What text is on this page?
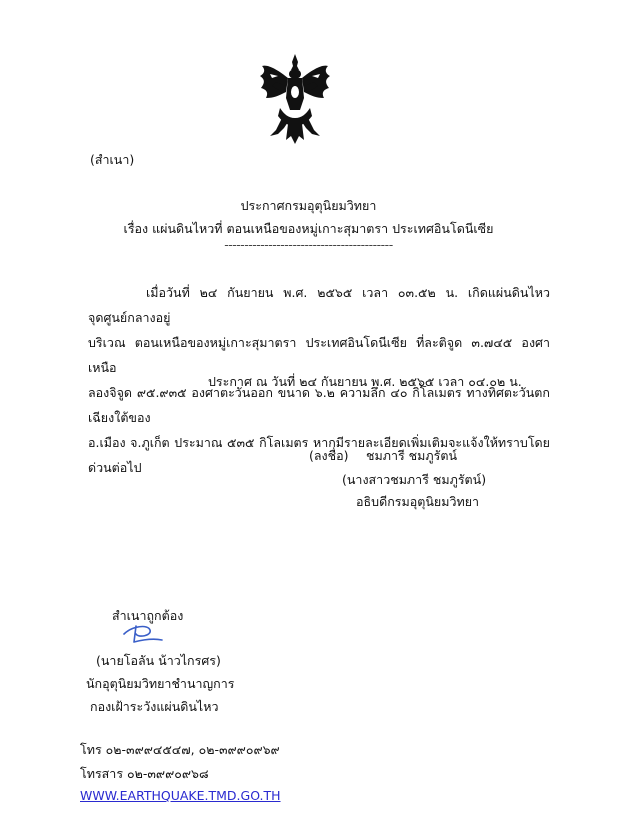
(สำเนา)
ประกาศกรมอุตุนิยมวิทยา
เรื่อง แผ่นดินไหวที่ ตอนเหนือของหมู่เกาะสุมาตรา ประเทศอินโดนีเซีย
------------------------------------------

เมื่อวันที่ ๒๔ กันยายน พ.ศ. ๒๕๖๕ เวลา ๐๓.๕๒ น. เกิดแผ่นดินไหว จุดศูนย์กลางอยู่

บริเวณ ตอนเหนือของหมู่เกาะสุมาตรา ประเทศอินโดนีเซีย ที่ละติจูด ๓.๗๔๕ องศาเหนือ

ลองจิจูด ๙๕.๙๓๕ องศาตะวันออก ขนาด ๖.๒ ความลึก ๔๐ กิโลเมตร ทางทิศตะวันตกเฉียงใต้ของ

อ.เมือง จ.ภูเก็ต ประมาณ ๕๓๕ กิโลเมตร หากมีรายละเอียดเพิ่มเติมจะแจ้งให้ทราบโดยด่วนต่อไป

ประกาศ ณ วันที่ ๒๔ กันยายน พ.ศ. ๒๕๖๕ เวลา ๐๔.๐๒ น.
(ลงชื่อ) ชมภารี ชมภูรัตน์
(นางสาวชมภารี ชมภูรัตน์)
อธิบดีกรมอุตุนิยมวิทยา
สำเนาถูกต้อง
(นายโอลัน น้าวไกรศร)
นักอุตุนิยมวิทยาชำนาญการ
กองเฝ้าระวังแผ่นดินไหว
โทร ๐๒-๓๙๙๔๕๔๗, ๐๒-๓๙๙๐๙๖๙
โทรสาร ๐๒-๓๙๙๐๙๖๘
WWW.EARTHQUAKE.TMD.GO.TH
